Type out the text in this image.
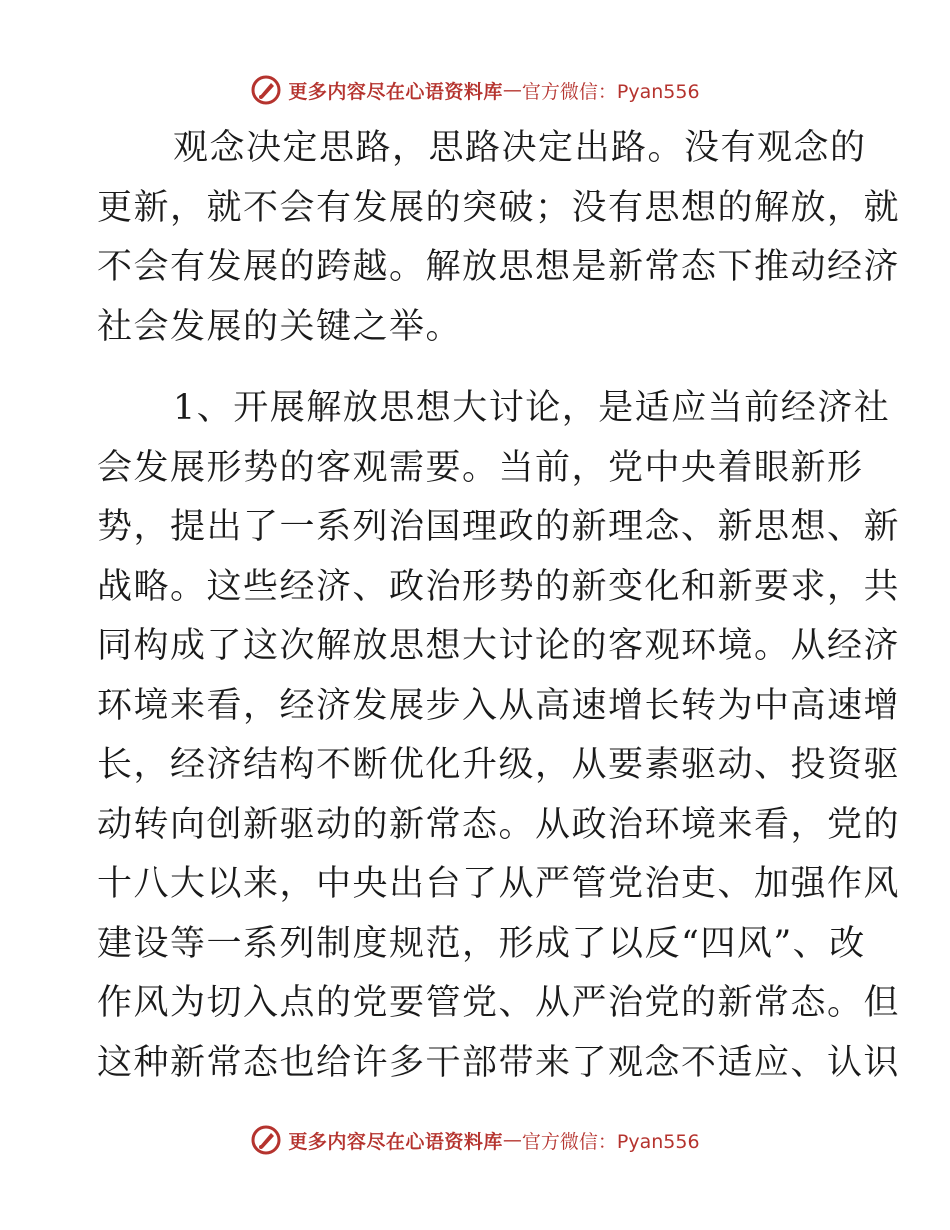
更多内容尽在心语资料库 — 官方微信：Pyan556
观念决定思路，思路决定出路。没有观念的
更新，就不会有发展的突破；没有思想的解放，就
不会有发展的跨越。解放思想是新常态下推动经济
社会发展的关键之举。
1、开展解放思想大讨论，是适应当前经济社
会发展形势的客观需要。当前，党中央着眼新形
势，提出了一系列治国理政的新理念、新思想、新
战略。这些经济、政治形势的新变化和新要求，共
同构成了这次解放思想大讨论的客观环境。从经济
环境来看，经济发展步入从高速增长转为中高速增
长，经济结构不断优化升级，从要素驱动、投资驱
动转向创新驱动的新常态。从政治环境来看，党的
十八大以来，中央出台了从严管党治吏、加强作风
建设等一系列制度规范，形成了以反“四风”、改
作风为切入点的党要管党、从严治党的新常态。但
这种新常态也给许多干部带来了观念不适应、认识
更多内容尽在心语资料库 — 官方微信：Pyan556
